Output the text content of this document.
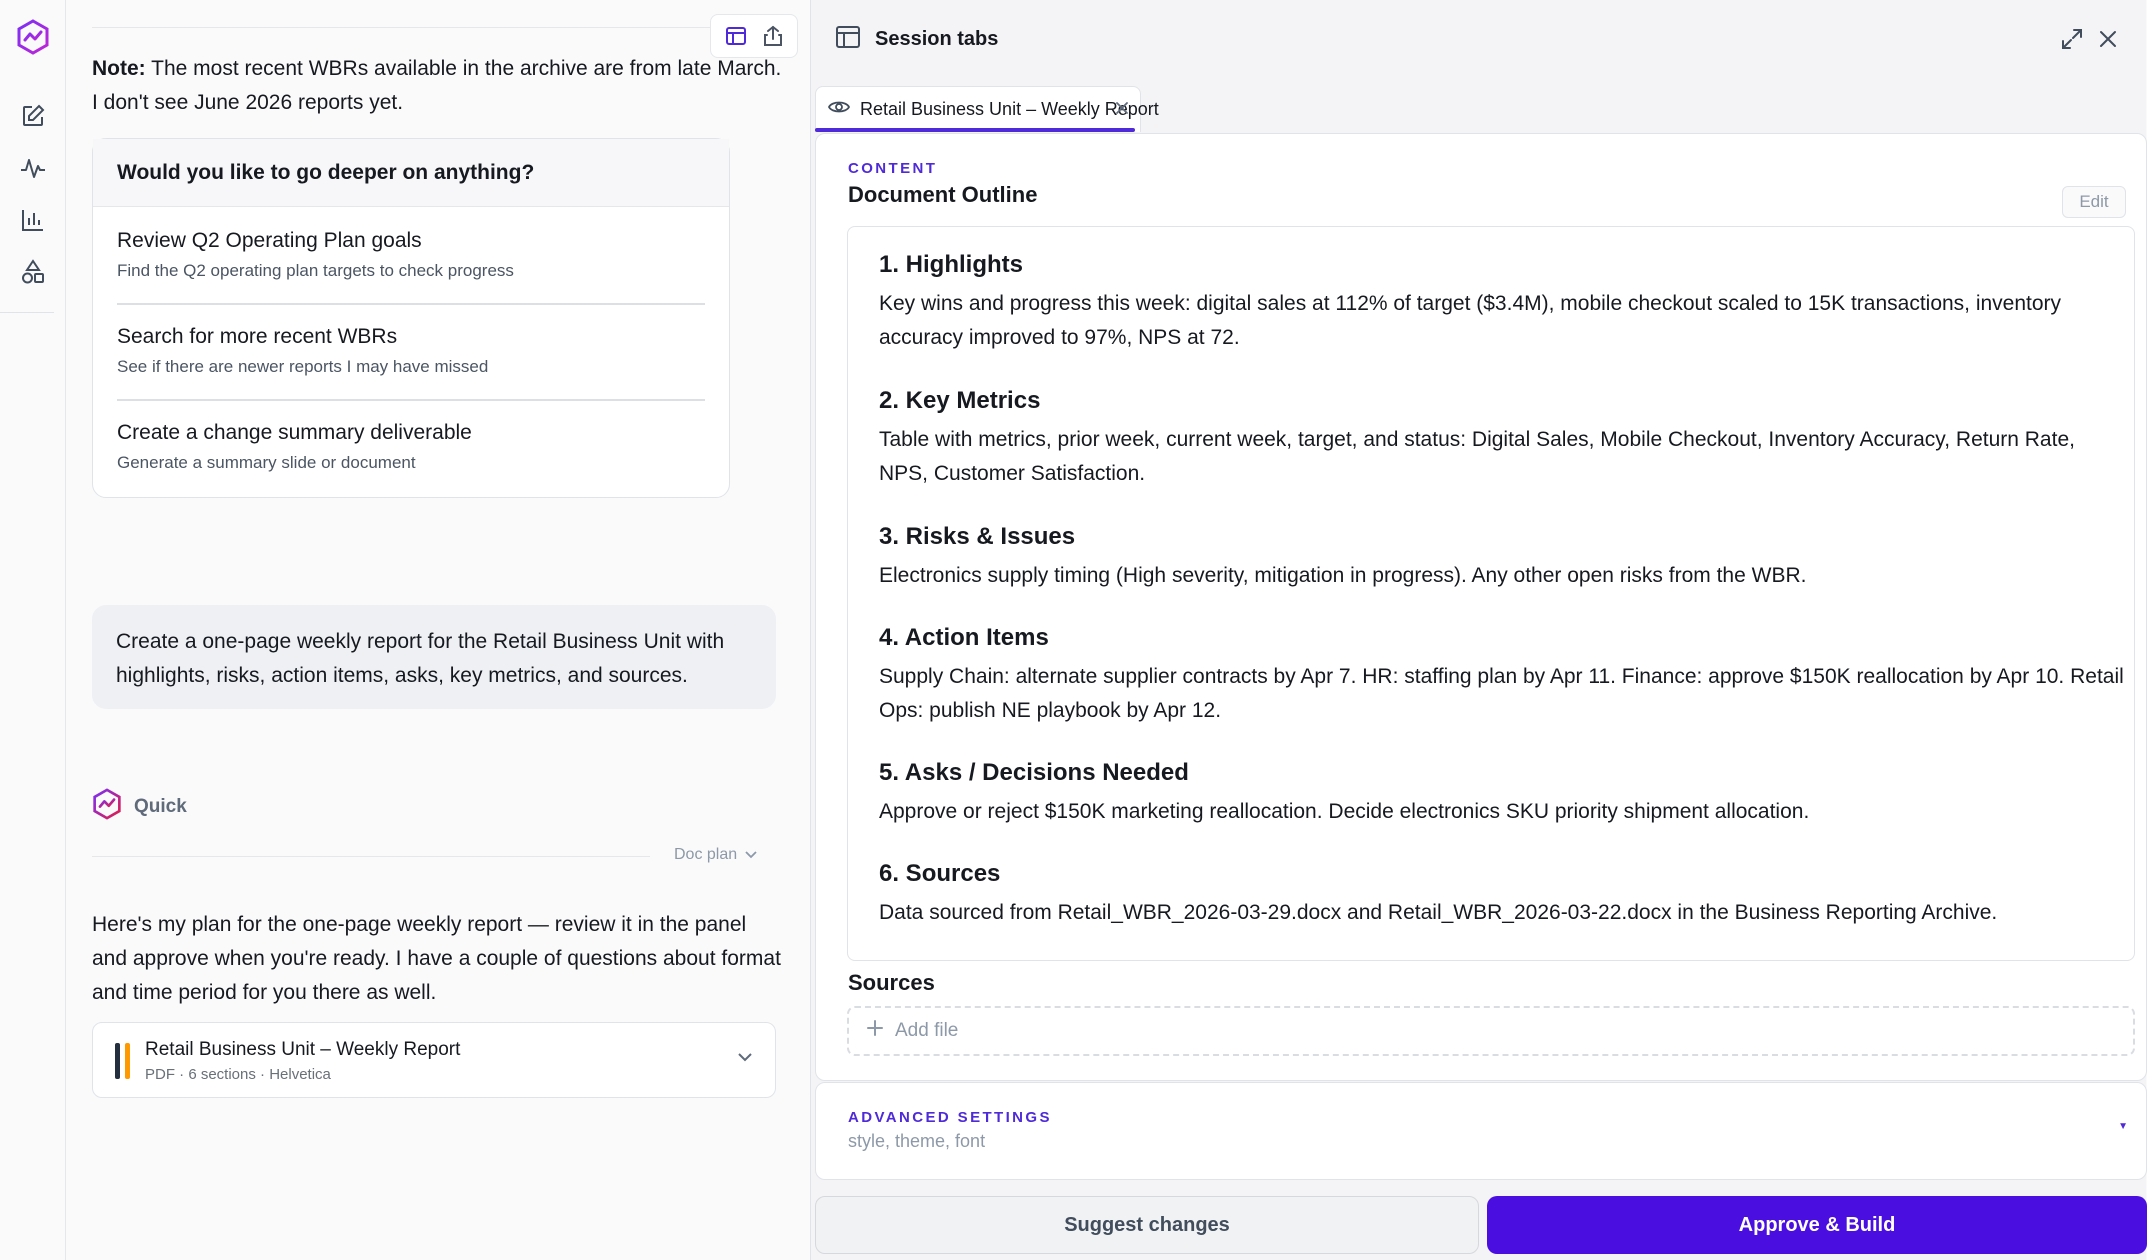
Note: The most recent WBRs available in the archive are from late March. I don't see June 2026 reports yet.
Would you like to go deeper on anything?
Review Q2 Operating Plan goals
Find the Q2 operating plan targets to check progress
Search for more recent WBRs
See if there are newer reports I may have missed
Create a change summary deliverable
Generate a summary slide or document
Create a one-page weekly report for the Retail Business Unit with highlights, risks, action items, asks, key metrics, and sources.
Quick
Doc plan
Here's my plan for the one-page weekly report — review it in the panel and approve when you're ready. I have a couple of questions about format and time period for you there as well.
Retail Business Unit – Weekly Report
PDF · 6 sections · Helvetica
Session tabs
Retail Business Unit – Weekly Report
CONTENT
Document Outline	Edit
1. Highlights
Key wins and progress this week: digital sales at 112% of target ($3.4M), mobile checkout scaled to 15K transactions, inventory accuracy improved to 97%, NPS at 72.
2. Key Metrics
Table with metrics, prior week, current week, target, and status: Digital Sales, Mobile Checkout, Inventory Accuracy, Return Rate, NPS, Customer Satisfaction.
3. Risks & Issues
Electronics supply timing (High severity, mitigation in progress). Any other open risks from the WBR.
4. Action Items
Supply Chain: alternate supplier contracts by Apr 7. HR: staffing plan by Apr 11. Finance: approve $150K reallocation by Apr 10. Retail Ops: publish NE playbook by Apr 12.
5. Asks / Decisions Needed
Approve or reject $150K marketing reallocation. Decide electronics SKU priority shipment allocation.
6. Sources
Data sourced from Retail_WBR_2026-03-29.docx and Retail_WBR_2026-03-22.docx in the Business Reporting Archive.
Sources
Add file
ADVANCED SETTINGS
style, theme, font
▼
Suggest changes	Approve & Build
